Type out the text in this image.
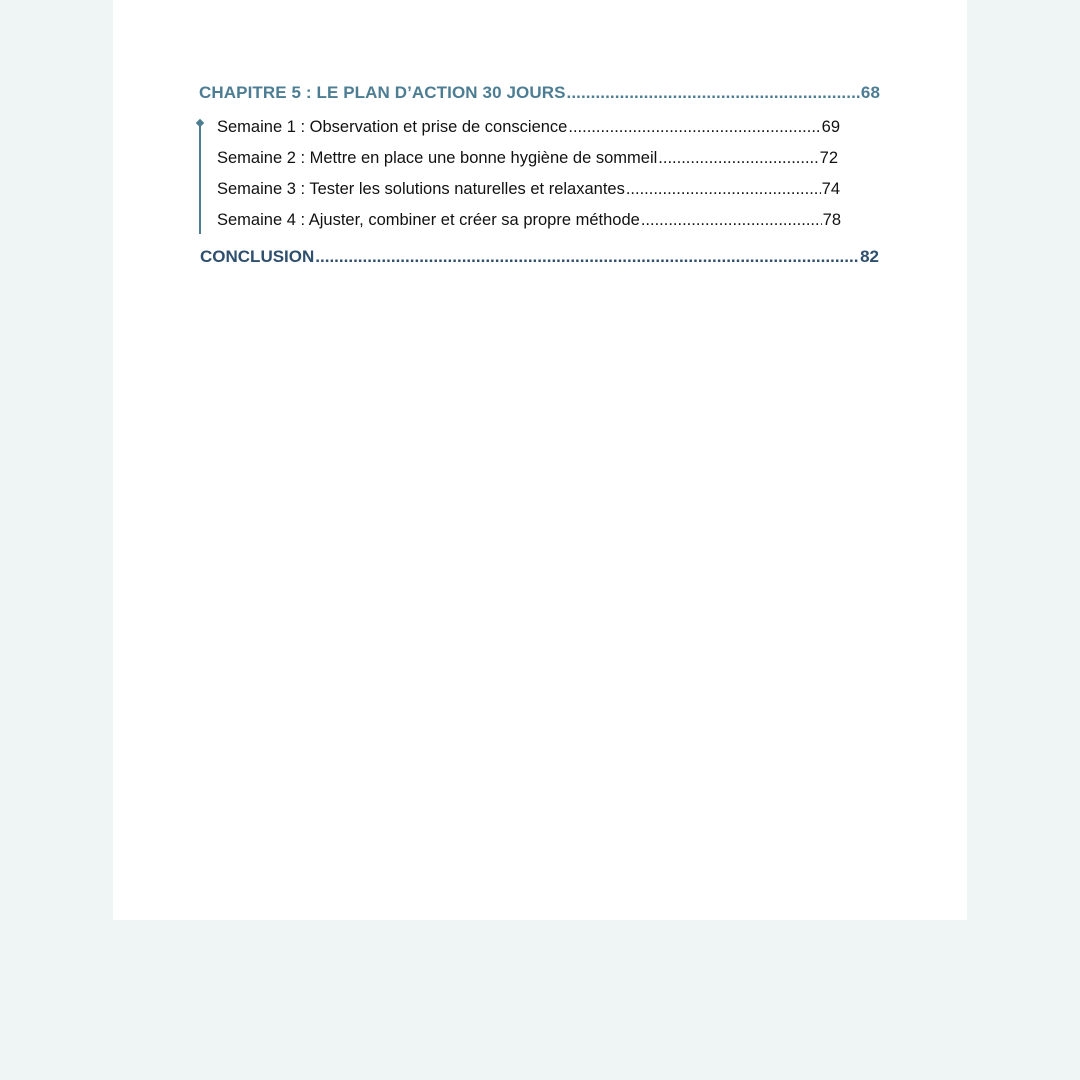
CHAPITRE 5 : LE PLAN D’ACTION 30 JOURS .....	68
Semaine 1 : Observation et prise de conscience .....	69
Semaine 2 : Mettre en place une bonne hygiène de sommeil .....	72
Semaine 3 : Tester les solutions naturelles et relaxantes .....	74
Semaine 4 : Ajuster, combiner et créer sa propre méthode .....	78
CONCLUSION .....	82
